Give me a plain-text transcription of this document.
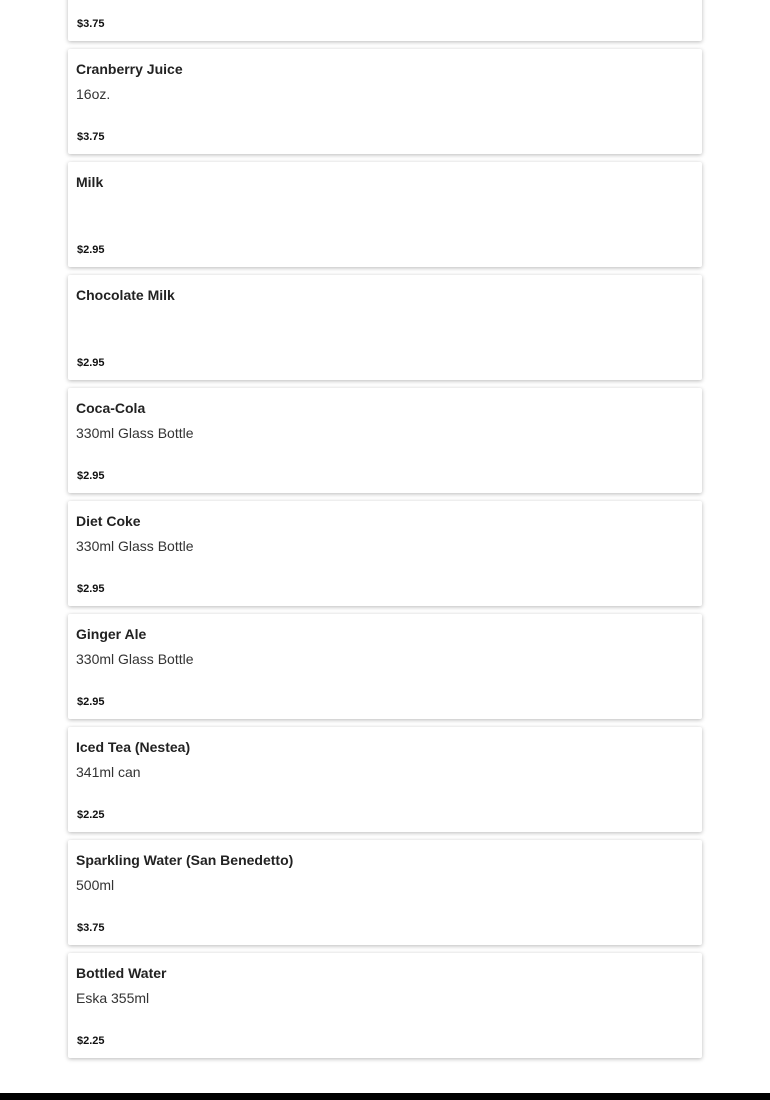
$3.75
Cranberry Juice
16oz.
$3.75
Milk
$2.95
Chocolate Milk
$2.95
Coca-Cola
330ml Glass Bottle
$2.95
Diet Coke
330ml Glass Bottle
$2.95
Ginger Ale
330ml Glass Bottle
$2.95
Iced Tea (Nestea)
341ml can
$2.25
Sparkling Water (San Benedetto)
500ml
$3.75
Bottled Water
Eska 355ml
$2.25
